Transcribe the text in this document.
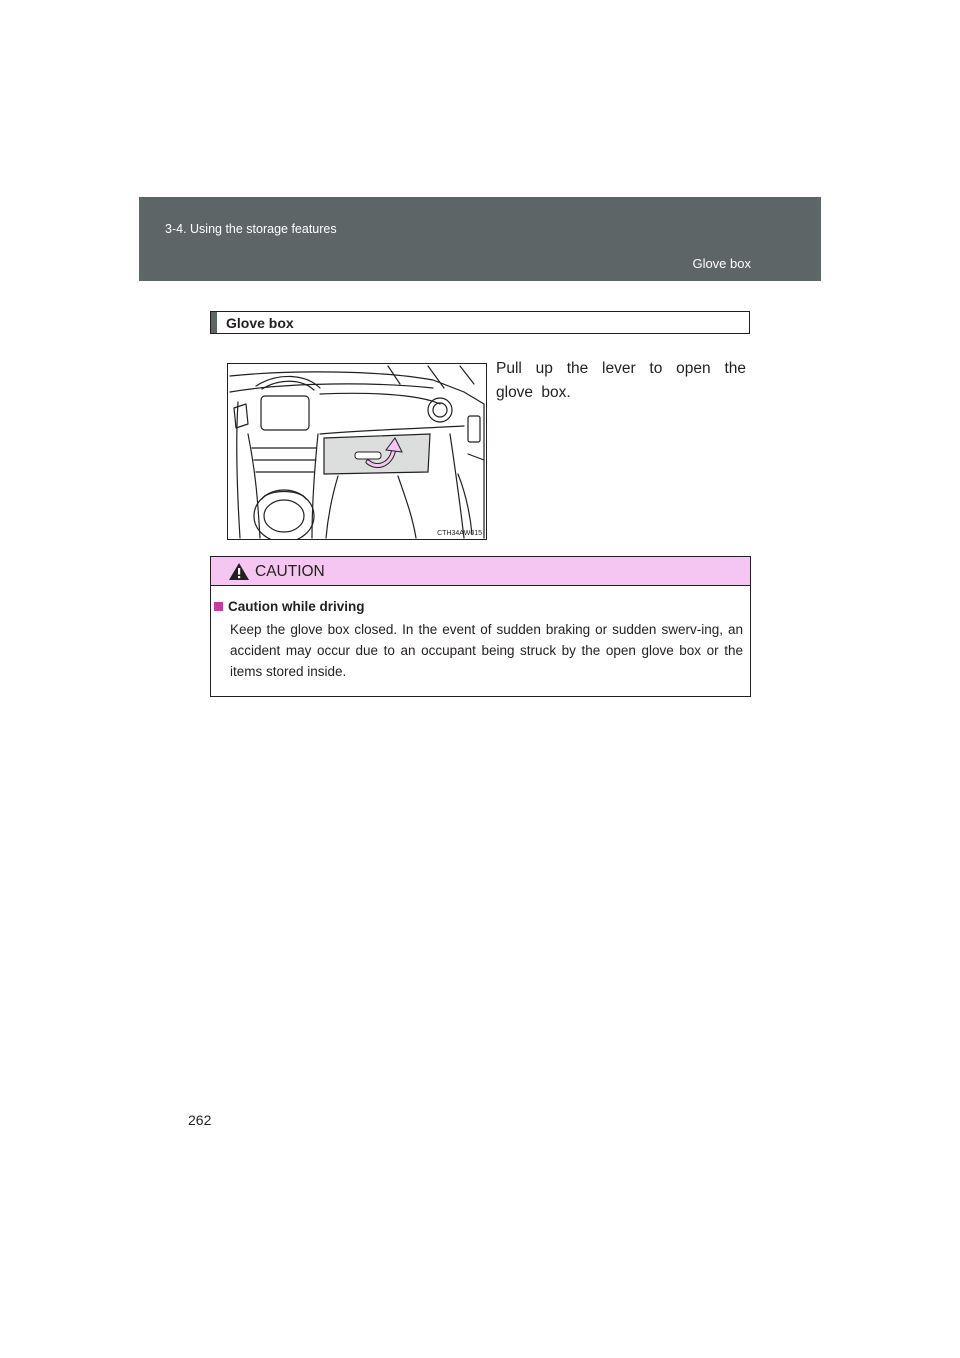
3-4. Using the storage features
Glove box
Glove box
CTH34AW015
Pull up the lever to open the glove box.
CAUTION
Caution while driving
Keep the glove box closed. In the event of sudden braking or sudden swerv-ing, an accident may occur due to an occupant being struck by the open glove box or the items stored inside.
262
